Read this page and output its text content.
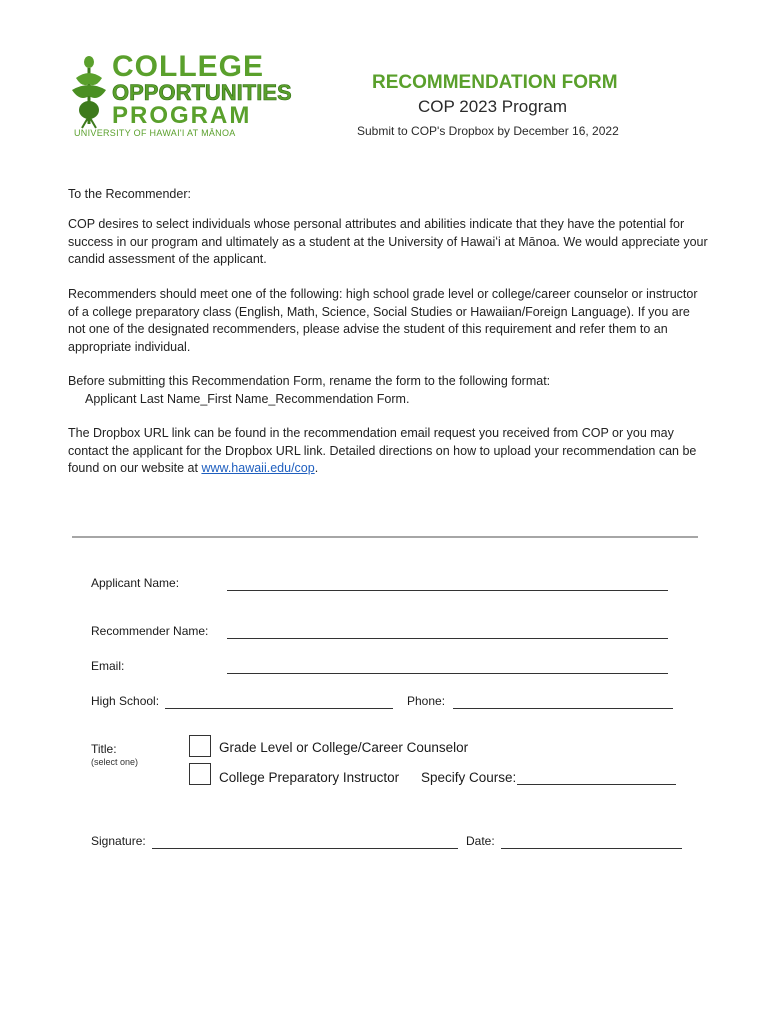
COLLEGE
OPPORTUNITIES
PROGRAM
UNIVERSITY OF HAWAI'I AT MĀNOA
RECOMMENDATION FORM
COP 2023 Program
Submit to COP's Dropbox by December 16, 2022
To the Recommender:
COP desires to select individuals whose personal attributes and abilities indicate that they have the potential for success in our program and ultimately as a student at the University of Hawaiʻi at Mānoa. We would appreciate your candid assessment of the applicant.
Recommenders should meet one of the following: high school grade level or college/career counselor or instructor of a college preparatory class (English, Math, Science, Social Studies or Hawaiian/Foreign Language). If you are not one of the designated recommenders, please advise the student of this requirement and refer them to an appropriate individual.
Before submitting this Recommendation Form, rename the form to the following format:
Applicant Last Name_First Name_Recommendation Form.
The Dropbox URL link can be found in the recommendation email request you received from COP or you may contact the applicant for the Dropbox URL link. Detailed directions on how to upload your recommendation can be found on our website at www.hawaii.edu/cop.
Applicant Name:
Recommender Name:
Email:
High School:	Phone:
Title:
(select one)
Grade Level or College/Career Counselor
College Preparatory Instructor Specify Course:
Signature:	Date:
